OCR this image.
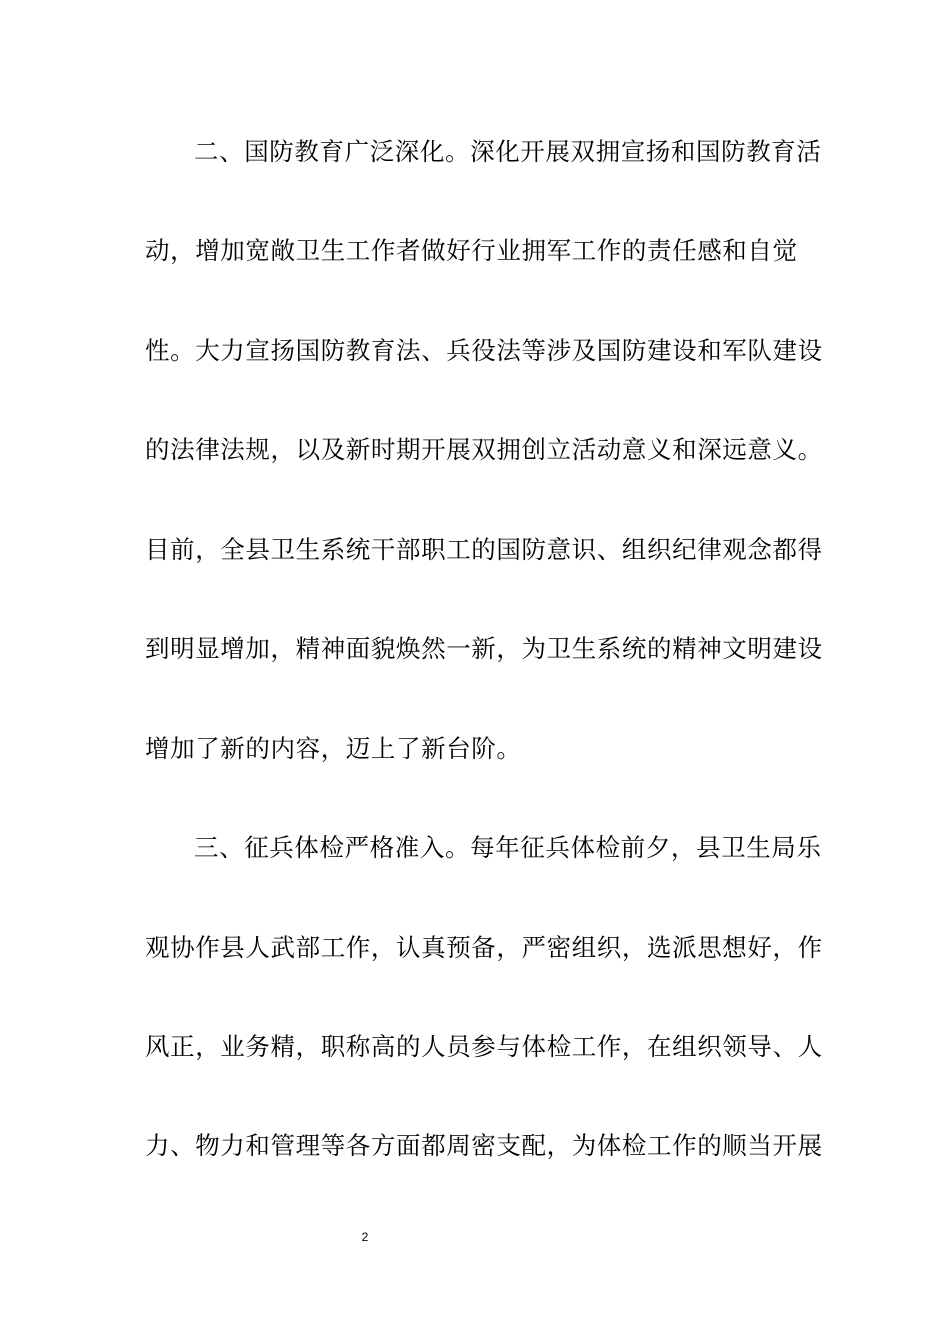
二、国防教育广泛深化。深化开展双拥宣扬和国防教育活
动，增加宽敞卫生工作者做好行业拥军工作的责任感和自觉
性。大力宣扬国防教育法、兵役法等涉及国防建设和军队建设
的法律法规，以及新时期开展双拥创立活动意义和深远意义。
目前，全县卫生系统干部职工的国防意识、组织纪律观念都得
到明显增加，精神面貌焕然一新，为卫生系统的精神文明建设
增加了新的内容，迈上了新台阶。
三、征兵体检严格准入。每年征兵体检前夕，县卫生局乐
观协作县人武部工作，认真预备，严密组织，选派思想好，作
风正，业务精，职称高的人员参与体检工作，在组织领导、人
力、物力和管理等各方面都周密支配，为体检工作的顺当开展
2
